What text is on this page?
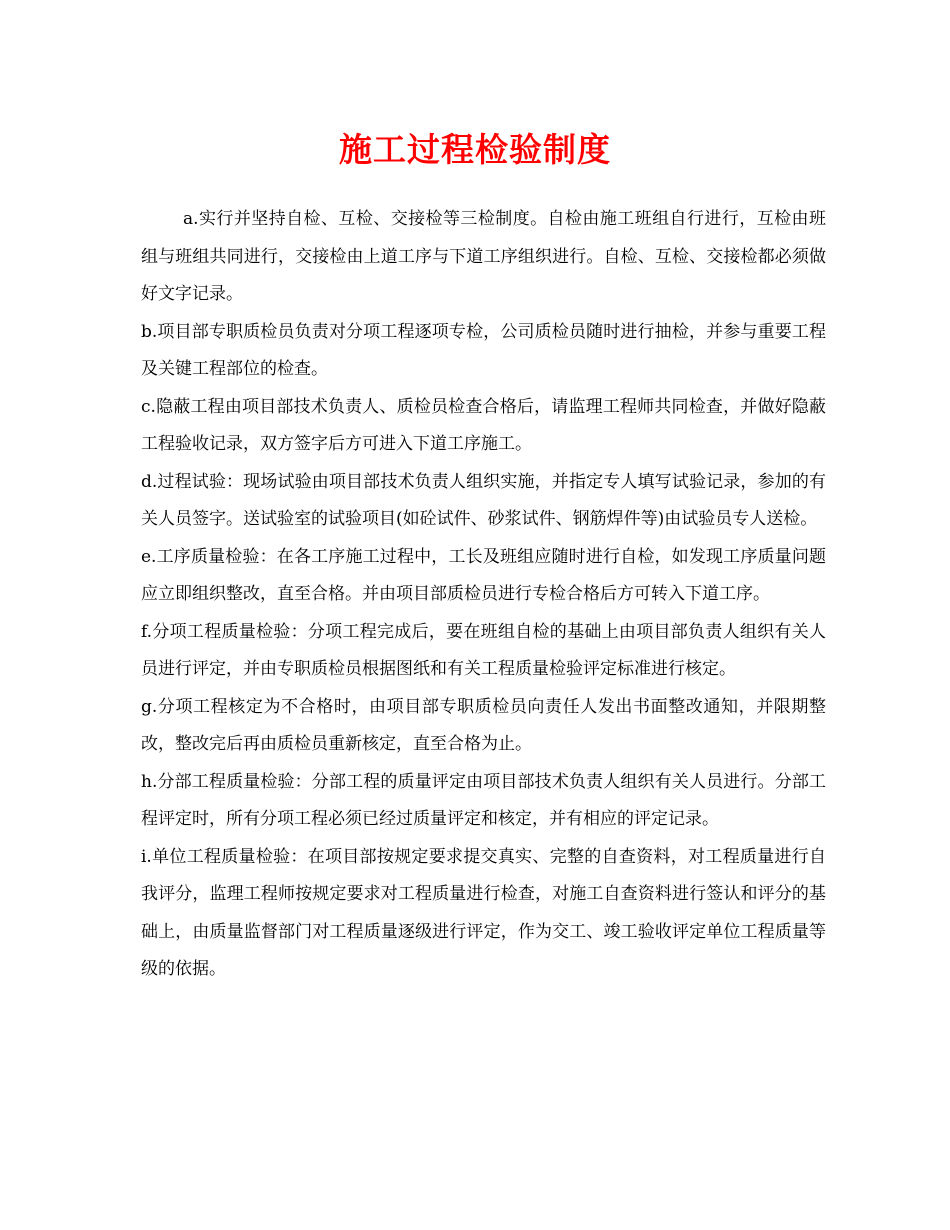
施工过程检验制度

a.实行并坚持自检、互检、交接检等三检制度。自检由施工班组自行进行，互检由班组与班组共同进行，交接检由上道工序与下道工序组织进行。自检、互检、交接检都必须做好文字记录。

b.项目部专职质检员负责对分项工程逐项专检，公司质检员随时进行抽检，并参与重要工程及关键工程部位的检查。

c.隐蔽工程由项目部技术负责人、质检员检查合格后，请监理工程师共同检查，并做好隐蔽工程验收记录，双方签字后方可进入下道工序施工。

d.过程试验：现场试验由项目部技术负责人组织实施，并指定专人填写试验记录，参加的有关人员签字。送试验室的试验项目(如砼试件、砂浆试件、钢筋焊件等)由试验员专人送检。

e.工序质量检验：在各工序施工过程中，工长及班组应随时进行自检，如发现工序质量问题应立即组织整改，直至合格。并由项目部质检员进行专检合格后方可转入下道工序。

f.分项工程质量检验：分项工程完成后，要在班组自检的基础上由项目部负责人组织有关人员进行评定，并由专职质检员根据图纸和有关工程质量检验评定标准进行核定。

g.分项工程核定为不合格时，由项目部专职质检员向责任人发出书面整改通知，并限期整改，整改完后再由质检员重新核定，直至合格为止。

h.分部工程质量检验：分部工程的质量评定由项目部技术负责人组织有关人员进行。分部工程评定时，所有分项工程必须已经过质量评定和核定，并有相应的评定记录。

i.单位工程质量检验：在项目部按规定要求提交真实、完整的自查资料，对工程质量进行自我评分，监理工程师按规定要求对工程质量进行检查，对施工自查资料进行签认和评分的基础上，由质量监督部门对工程质量逐级进行评定，作为交工、竣工验收评定单位工程质量等级的依据。
